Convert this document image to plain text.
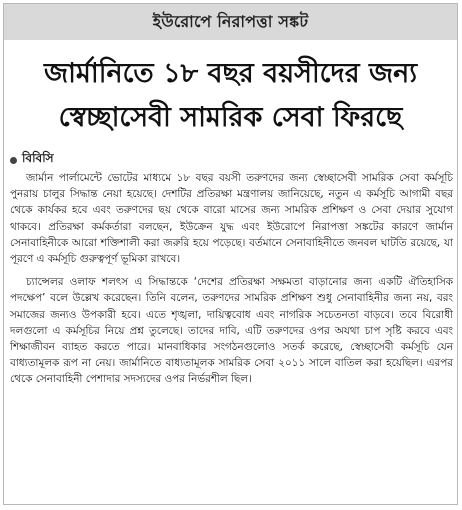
ইউরোপে নিরাপত্তা সঙ্কট
জার্মানিতে ১৮ বছর বয়সীদের জন্য স্বেচ্ছাসেবী সামরিক সেবা ফিরছে
বিবিসি

জার্মান পার্লামেন্টে ভোটের মাধ্যমে ১৮ বছর বয়সী তরুণদের জন্য স্বেচ্ছাসেবী সামরিক সেবা কর্মসূচি পুনরায় চালুর সিদ্ধান্ত নেয়া হয়েছে। দেশটির প্রতিরক্ষা মন্ত্রণালয় জানিয়েছে, নতুন এ কর্মসূচি আগামী বছর থেকে কার্যকর হবে এবং তরুণদের ছয় থেকে বারো মাসের জন্য সামরিক প্রশিক্ষণ ও সেবা দেয়ার সুযোগ থাকবে। প্রতিরক্ষা কর্মকর্তারা বলছেন, ইউক্রেন যুদ্ধ এবং ইউরোপে নিরাপত্তা সঙ্কটের কারণে জার্মান সেনাবাহিনীকে আরো শক্তিশালী করা জরুরি হয়ে পড়েছে। বর্তমানে সেনাবাহিনীতে জনবল ঘাটতি রয়েছে, যা পূরণে এ কর্মসূচি গুরুত্বপূর্ণ ভূমিকা রাখবে।

চ্যান্সেলর ওলাফ শলৎস এ সিদ্ধান্তকে ‘দেশের প্রতিরক্ষা সক্ষমতা বাড়ানোর জন্য একটি ঐতিহাসিক পদক্ষেপ’ বলে উল্লেখ করেছেন। তিনি বলেন, তরুণদের সামরিক প্রশিক্ষণ শুধু সেনাবাহিনীর জন্য নয়, বরং সমাজের জন্যও উপকারী হবে। এতে শৃঙ্খলা, দায়িত্ববোধ এবং নাগরিক সচেতনতা বাড়বে। তবে বিরোধী দলগুলো এ কর্মসূচির নিয়ে প্রশ্ন তুলেছে। তাদের দাবি, এটি তরুণদের ওপর অযথা চাপ সৃষ্টি করবে এবং শিক্ষাজীবন ব্যাহত করতে পারে। মানবাধিকার সংগঠনগুলোও সতর্ক করেছে, স্বেচ্ছাসেবী কর্মসূচি যেন বাধ্যতামূলক রূপ না নেয়। জার্মানিতে বাধ্যতামূলক সামরিক সেবা ২০১১ সালে বাতিল করা হয়েছিল। এরপর থেকে সেনাবাহিনী পেশাদার সদস্যদের ওপর নির্ভরশীল ছিল।
